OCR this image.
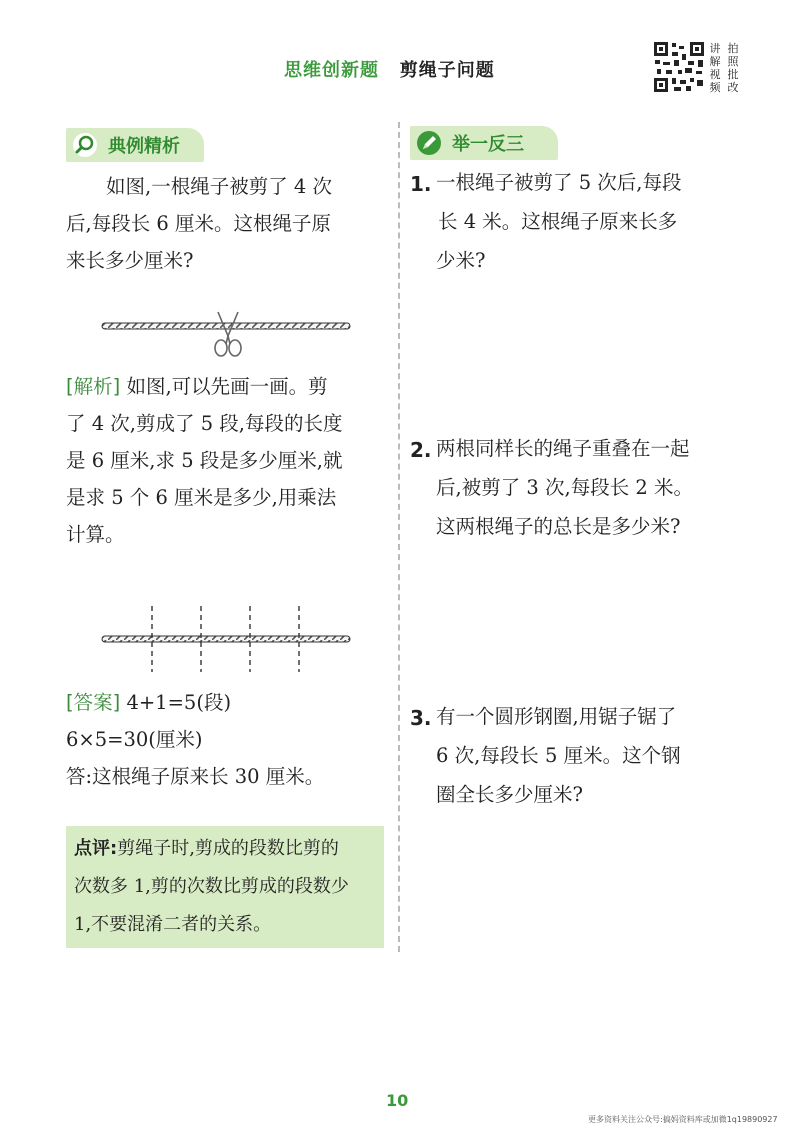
思维创新题 剪绳子问题
讲
解
视
频
拍
照
批
改
典例精析
如图,一根绳子被剪了 4 次
后,每段长 6 厘米。这根绳子原
来长多少厘米?
[解析] 如图,可以先画一画。剪
了 4 次,剪成了 5 段,每段的长度
是 6 厘米,求 5 段是多少厘米,就
是求 5 个 6 厘米是多少,用乘法
计算。
[答案] 4+1=5(段)
6×5=30(厘米)
答:这根绳子原来长 30 厘米。
点评:剪绳子时,剪成的段数比剪的
次数多 1,剪的次数比剪成的段数少
1,不要混淆二者的关系。
举一反三
1. 一根绳子被剪了 5 次后,每段
长 4 米。这根绳子原来长多
少米?
2. 两根同样长的绳子重叠在一起
后,被剪了 3 次,每段长 2 米。
这两根绳子的总长是多少米?
3. 有一个圆形钢圈,用锯子锯了
6 次,每段长 5 厘米。这个钢
圈全长多少厘米?
10
更多资料关注公众号:搞妈资料库或加微1q19890927
